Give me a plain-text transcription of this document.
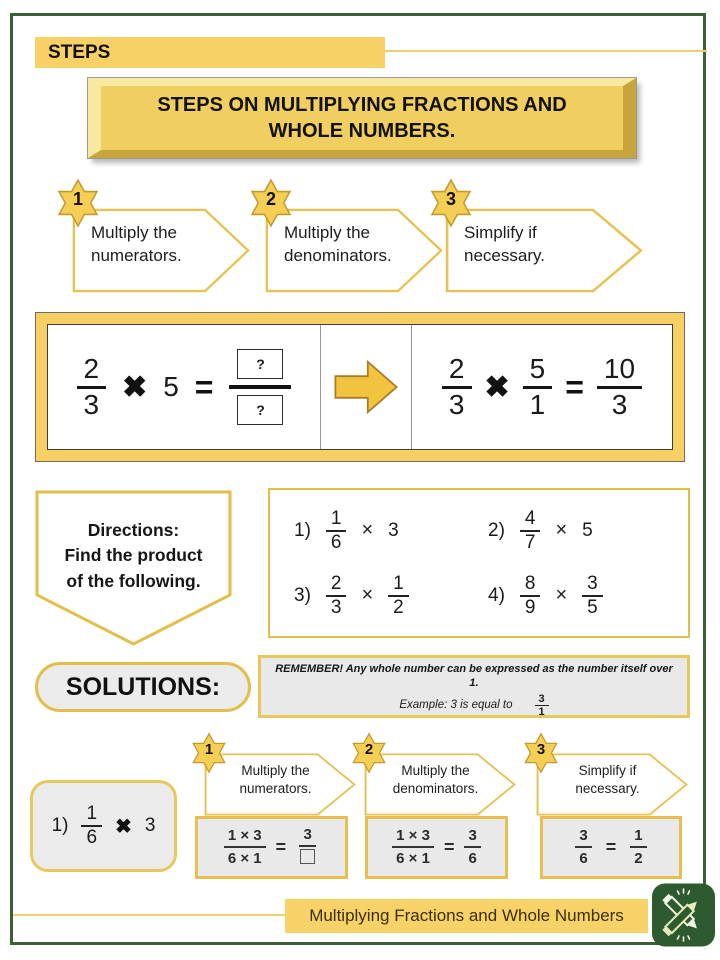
STEPS
STEPS ON MULTIPLYING FRACTIONS AND
WHOLE NUMBERS.
Multiply the numerators.
1
Multiply the denominators.
2
Simplify if necessary.
3
$\frac{2}{3}$ ✖ 5 =
?
?	$\frac{2}{3}$ ✖ $\frac{5}{1} = \frac{10}{3}$
Directions:
Find the product
of the following.
$1) \frac{1}{6} \times 3$	$2) \frac{4}{7} \times 5$
$3) \frac{2}{3} \times \frac{1}{2}$	$4) \frac{8}{9} \times \frac{3}{5}$
SOLUTIONS:
REMEMBER! Any whole number can be expressed as the number itself over 1.
Example: 3 is equal to $\frac{3}{1}$
Multiply the numerators.
1
Multiply the denominators.
2
Simplify if necessary.
3
$1) \frac{1}{6}$ ✖ 3
$\frac{1 \times 3}{6 \times 1}$ =
3	$\frac{1 \times 3}{6 \times 1} = \frac{3}{6}$	$\frac{3}{6} = \frac{1}{2}$
Multiplying Fractions and Whole Numbers
